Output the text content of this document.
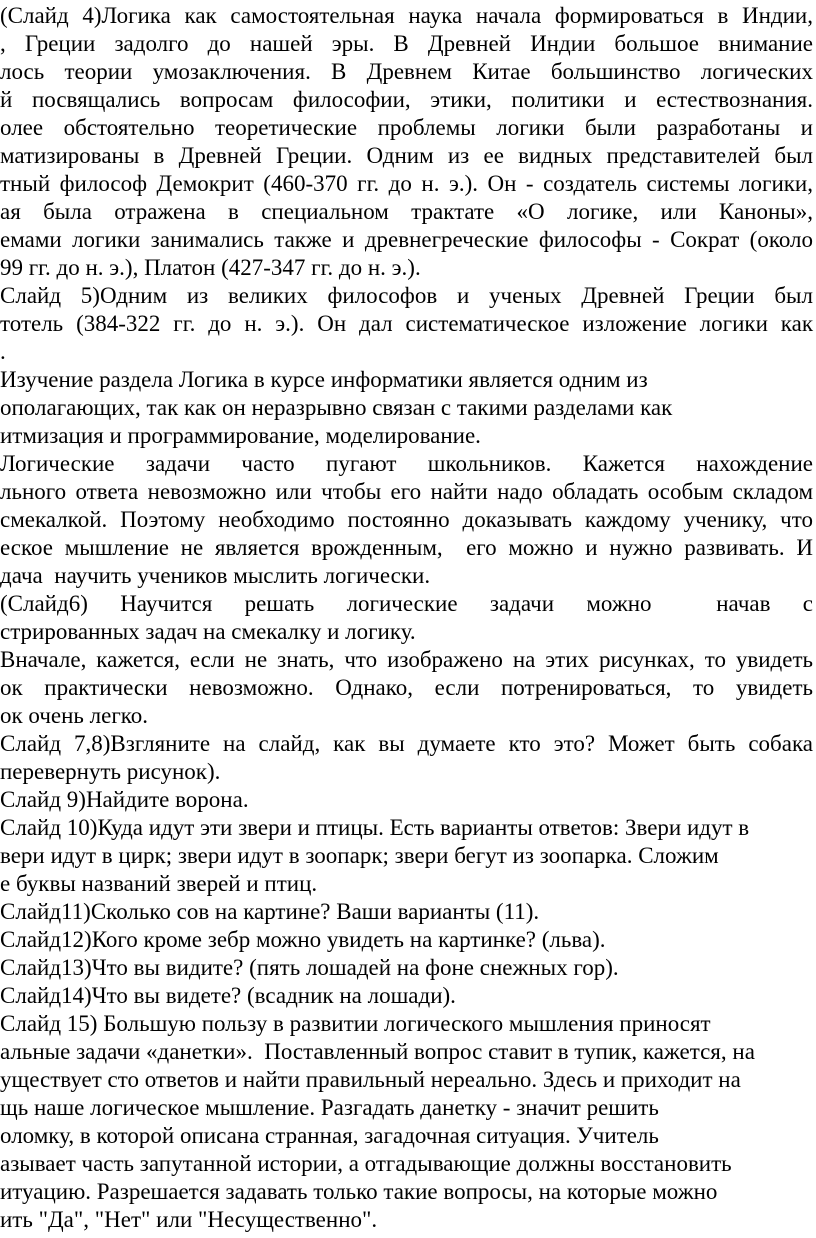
(Слайд 4)Логика как самостоятельная наука начала формироваться в Индии,
, Греции задолго до нашей эры. В Древней Индии большое внимание
лось теории умозаключения. В Древнем Китае большинство логических
й посвящались вопросам философии, этики, политики и естествознания.
олее обстоятельно теоретические проблемы логики были разработаны и
матизированы в Древней Греции. Одним из ее видных представителей был
тный философ Демокрит (460-370 гг. до н. э.). Он - создатель системы логики,
ая была отражена в специальном трактате «О логике, или Каноны»,
емами логики занимались также и древнегреческие философы - Сократ (около
99 гг. до н. э.), Платон (427-347 гг. до н. э.).
Слайд 5)Одним из великих философов и ученых Древней Греции был
тотель (384-322 гг. до н. э.). Он дал систематическое изложение логики как
.
Изучение раздела Логика в курсе информатики является одним из
ополагающих, так как он неразрывно связан с такими разделами как
итмизация и программирование, моделирование.
Логические задачи часто пугают школьников. Кажется нахождение
льного ответа невозможно или чтобы его найти надо обладать особым складом
смекалкой. Поэтому необходимо постоянно доказывать каждому ученику, что
еское мышление не является врожденным,  его можно и нужно развивать. И
дача  научить учеников мыслить логически.
(Слайд6) Научится решать логические задачи можно  начав с
стрированных задач на смекалку и логику.
Вначале, кажется, если не знать, что изображено на этих рисунках, то увидеть
ок практически невозможно. Однако, если потренироваться, то увидеть
ок очень легко.
Слайд 7,8)Взгляните на слайд, как вы думаете кто это? Может быть собака
перевернуть рисунок).
Слайд 9)Найдите ворона.
Слайд 10)Куда идут эти звери и птицы. Есть варианты ответов: Звери идут в
вери идут в цирк; звери идут в зоопарк; звери бегут из зоопарка. Сложим
е буквы названий зверей и птиц.
Слайд11)Сколько сов на картине? Ваши варианты (11).
Слайд12)Кого кроме зебр можно увидеть на картинке? (льва).
Слайд13)Что вы видите? (пять лошадей на фоне снежных гор).
Слайд14)Что вы видете? (всадник на лошади).
Слайд 15) Большую пользу в развитии логического мышления приносят
альные задачи «данетки».  Поставленный вопрос ставит в тупик, кажется, на
уществует сто ответов и найти правильный нереально. Здесь и приходит на
щь наше логическое мышление. Разгадать данетку - значит решить
оломку, в которой описана странная, загадочная ситуация. Учитель
азывает часть запутанной истории, а отгадывающие должны восстановить
итуацию. Разрешается задавать только такие вопросы, на которые можно
ить "Да", "Нет" или "Несущественно".
